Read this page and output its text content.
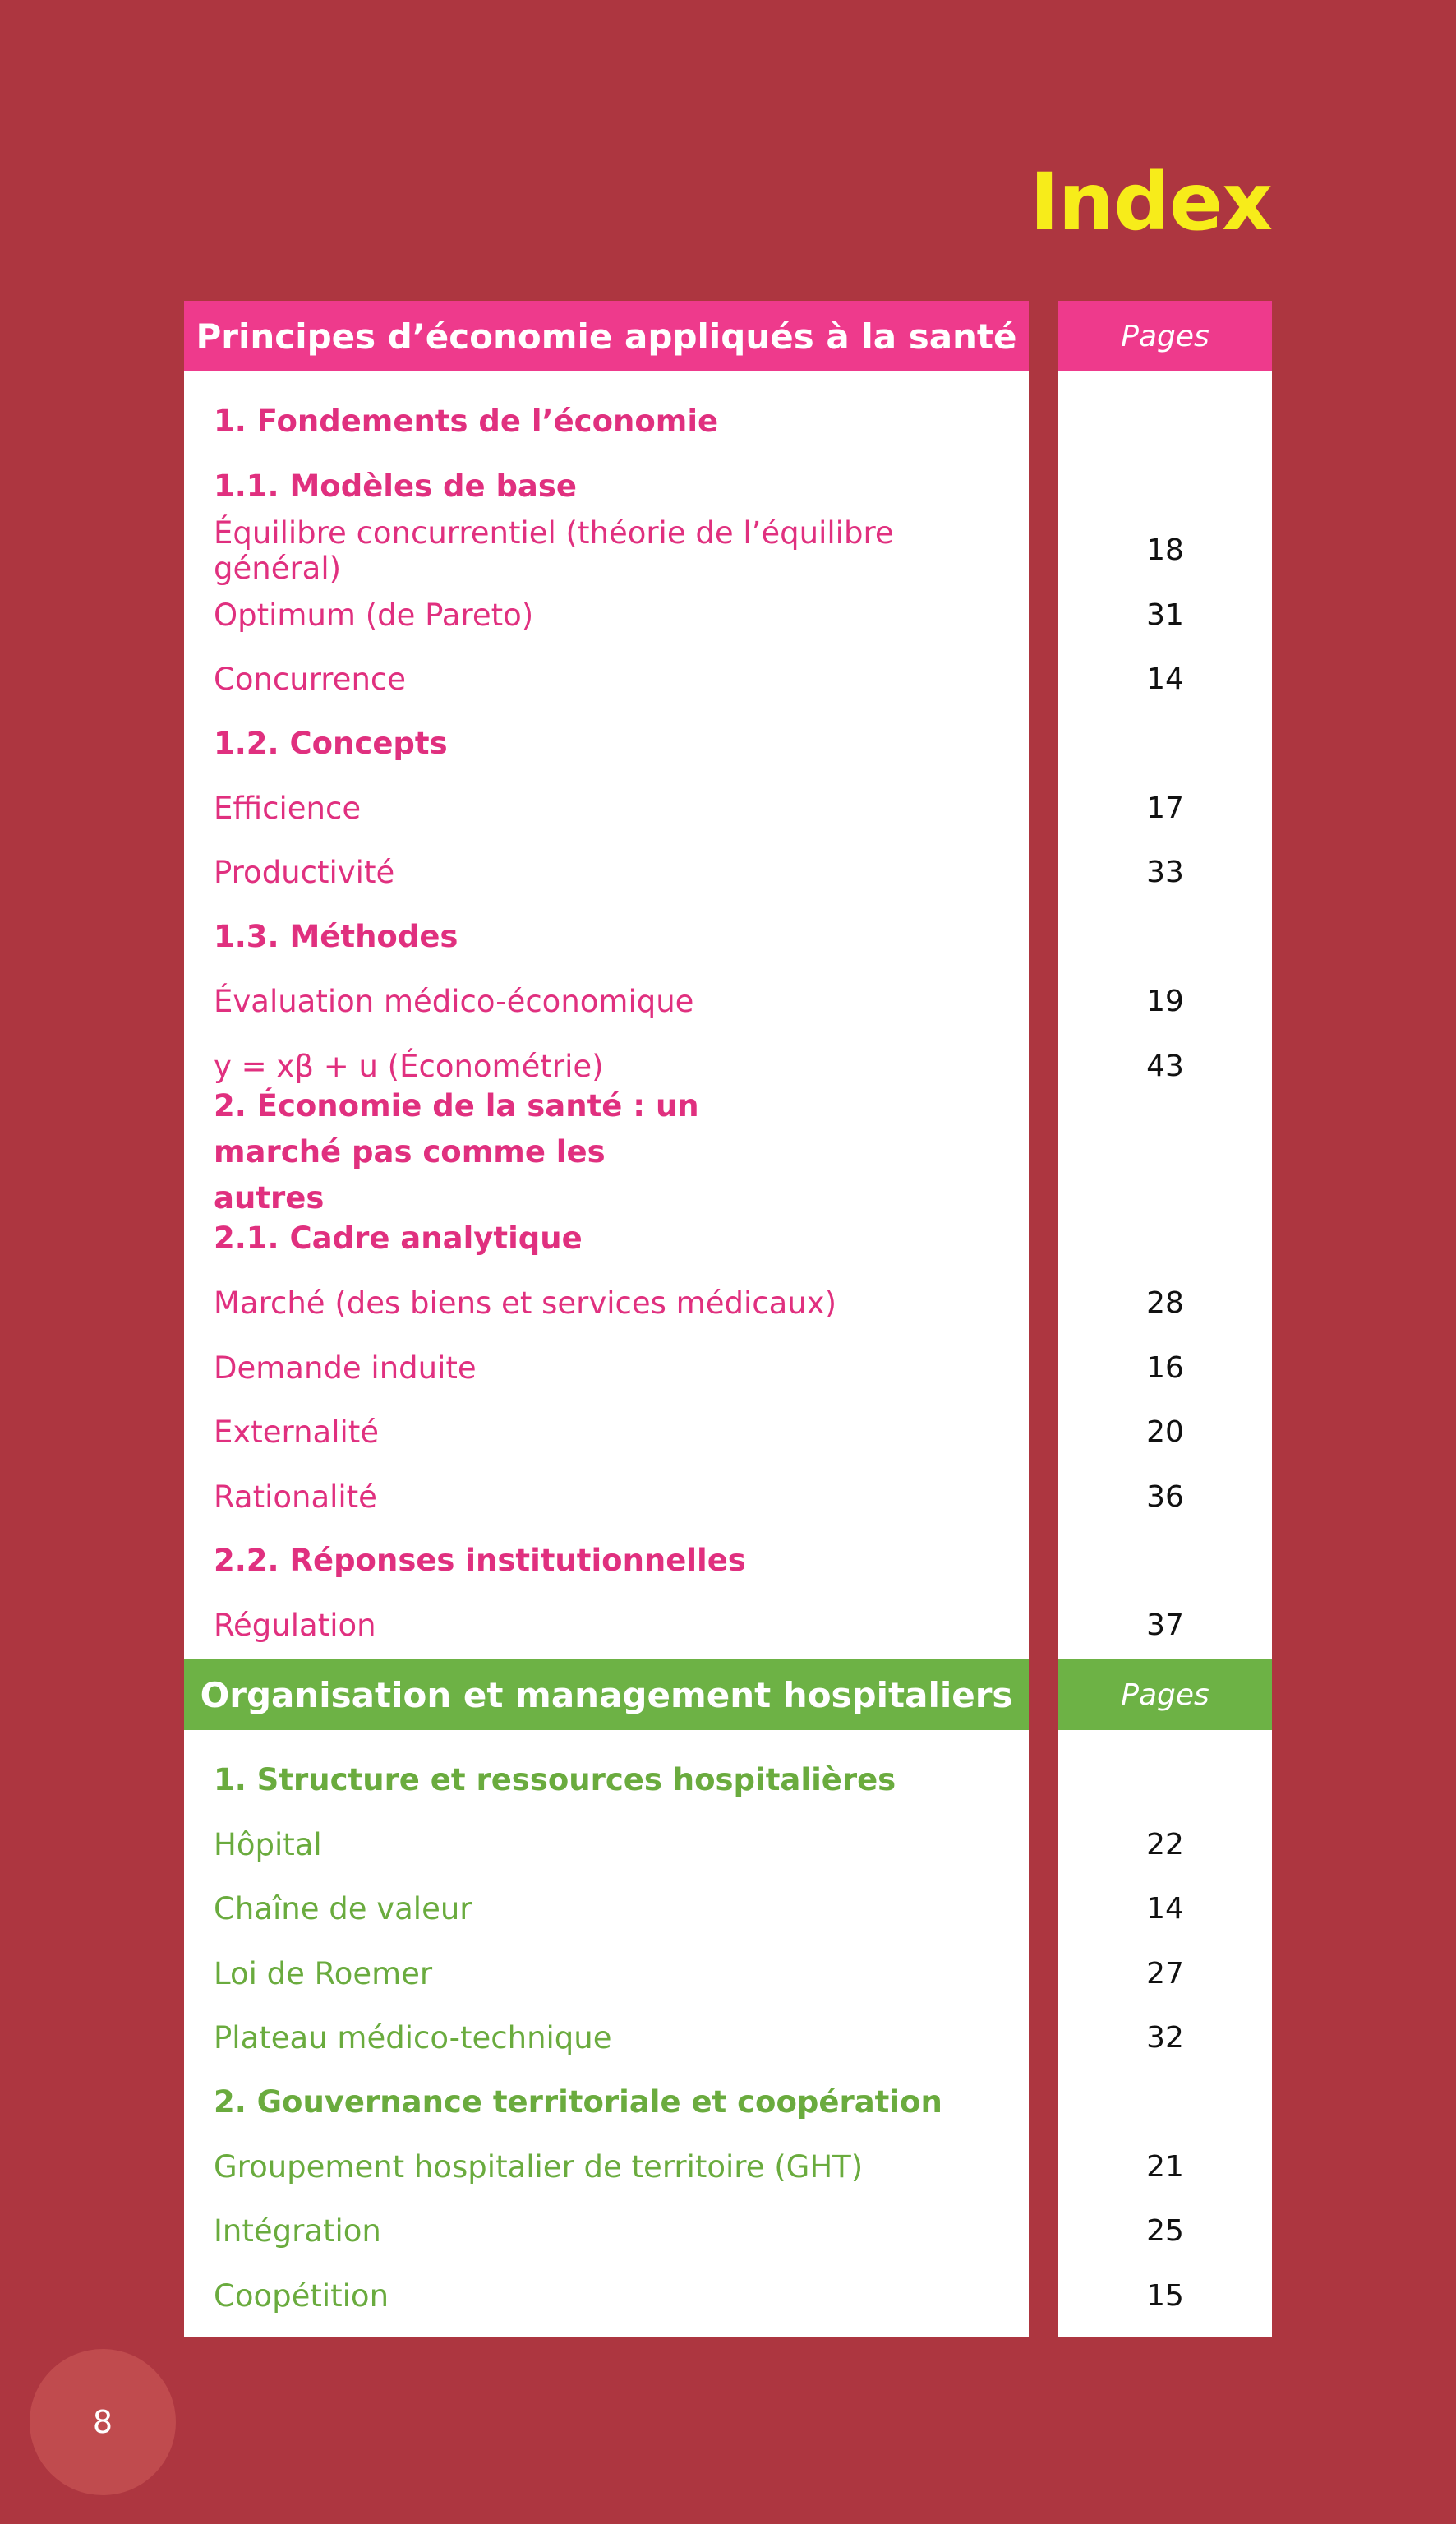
Index
Principes d’économie appliqués à la santé	Pages
1. Fondements de l’économie
1.1. Modèles de base
Équilibre concurrentiel (théorie de l’équilibre général)
Optimum (de Pareto)
Concurrence
1.2. Concepts
Efficience
Productivité
1.3. Méthodes
Évaluation médico-économique
y = xβ + u (Économétrie)
2. Économie de la santé : un marché pas comme les autres
2.1. Cadre analytique
Marché (des biens et services médicaux)
Demande induite
Externalité
Rationalité
2.2. Réponses institutionnelles
Régulation
18
31
14
17
33
19
43
28
16
20
36
37
Organisation et management hospitaliers	Pages
1. Structure et ressources hospitalières
Hôpital
Chaîne de valeur
Loi de Roemer
Plateau médico-technique
2. Gouvernance territoriale et coopération
Groupement hospitalier de territoire (GHT)
Intégration
Coopétition
22
14
27
32
21
25
15
8
